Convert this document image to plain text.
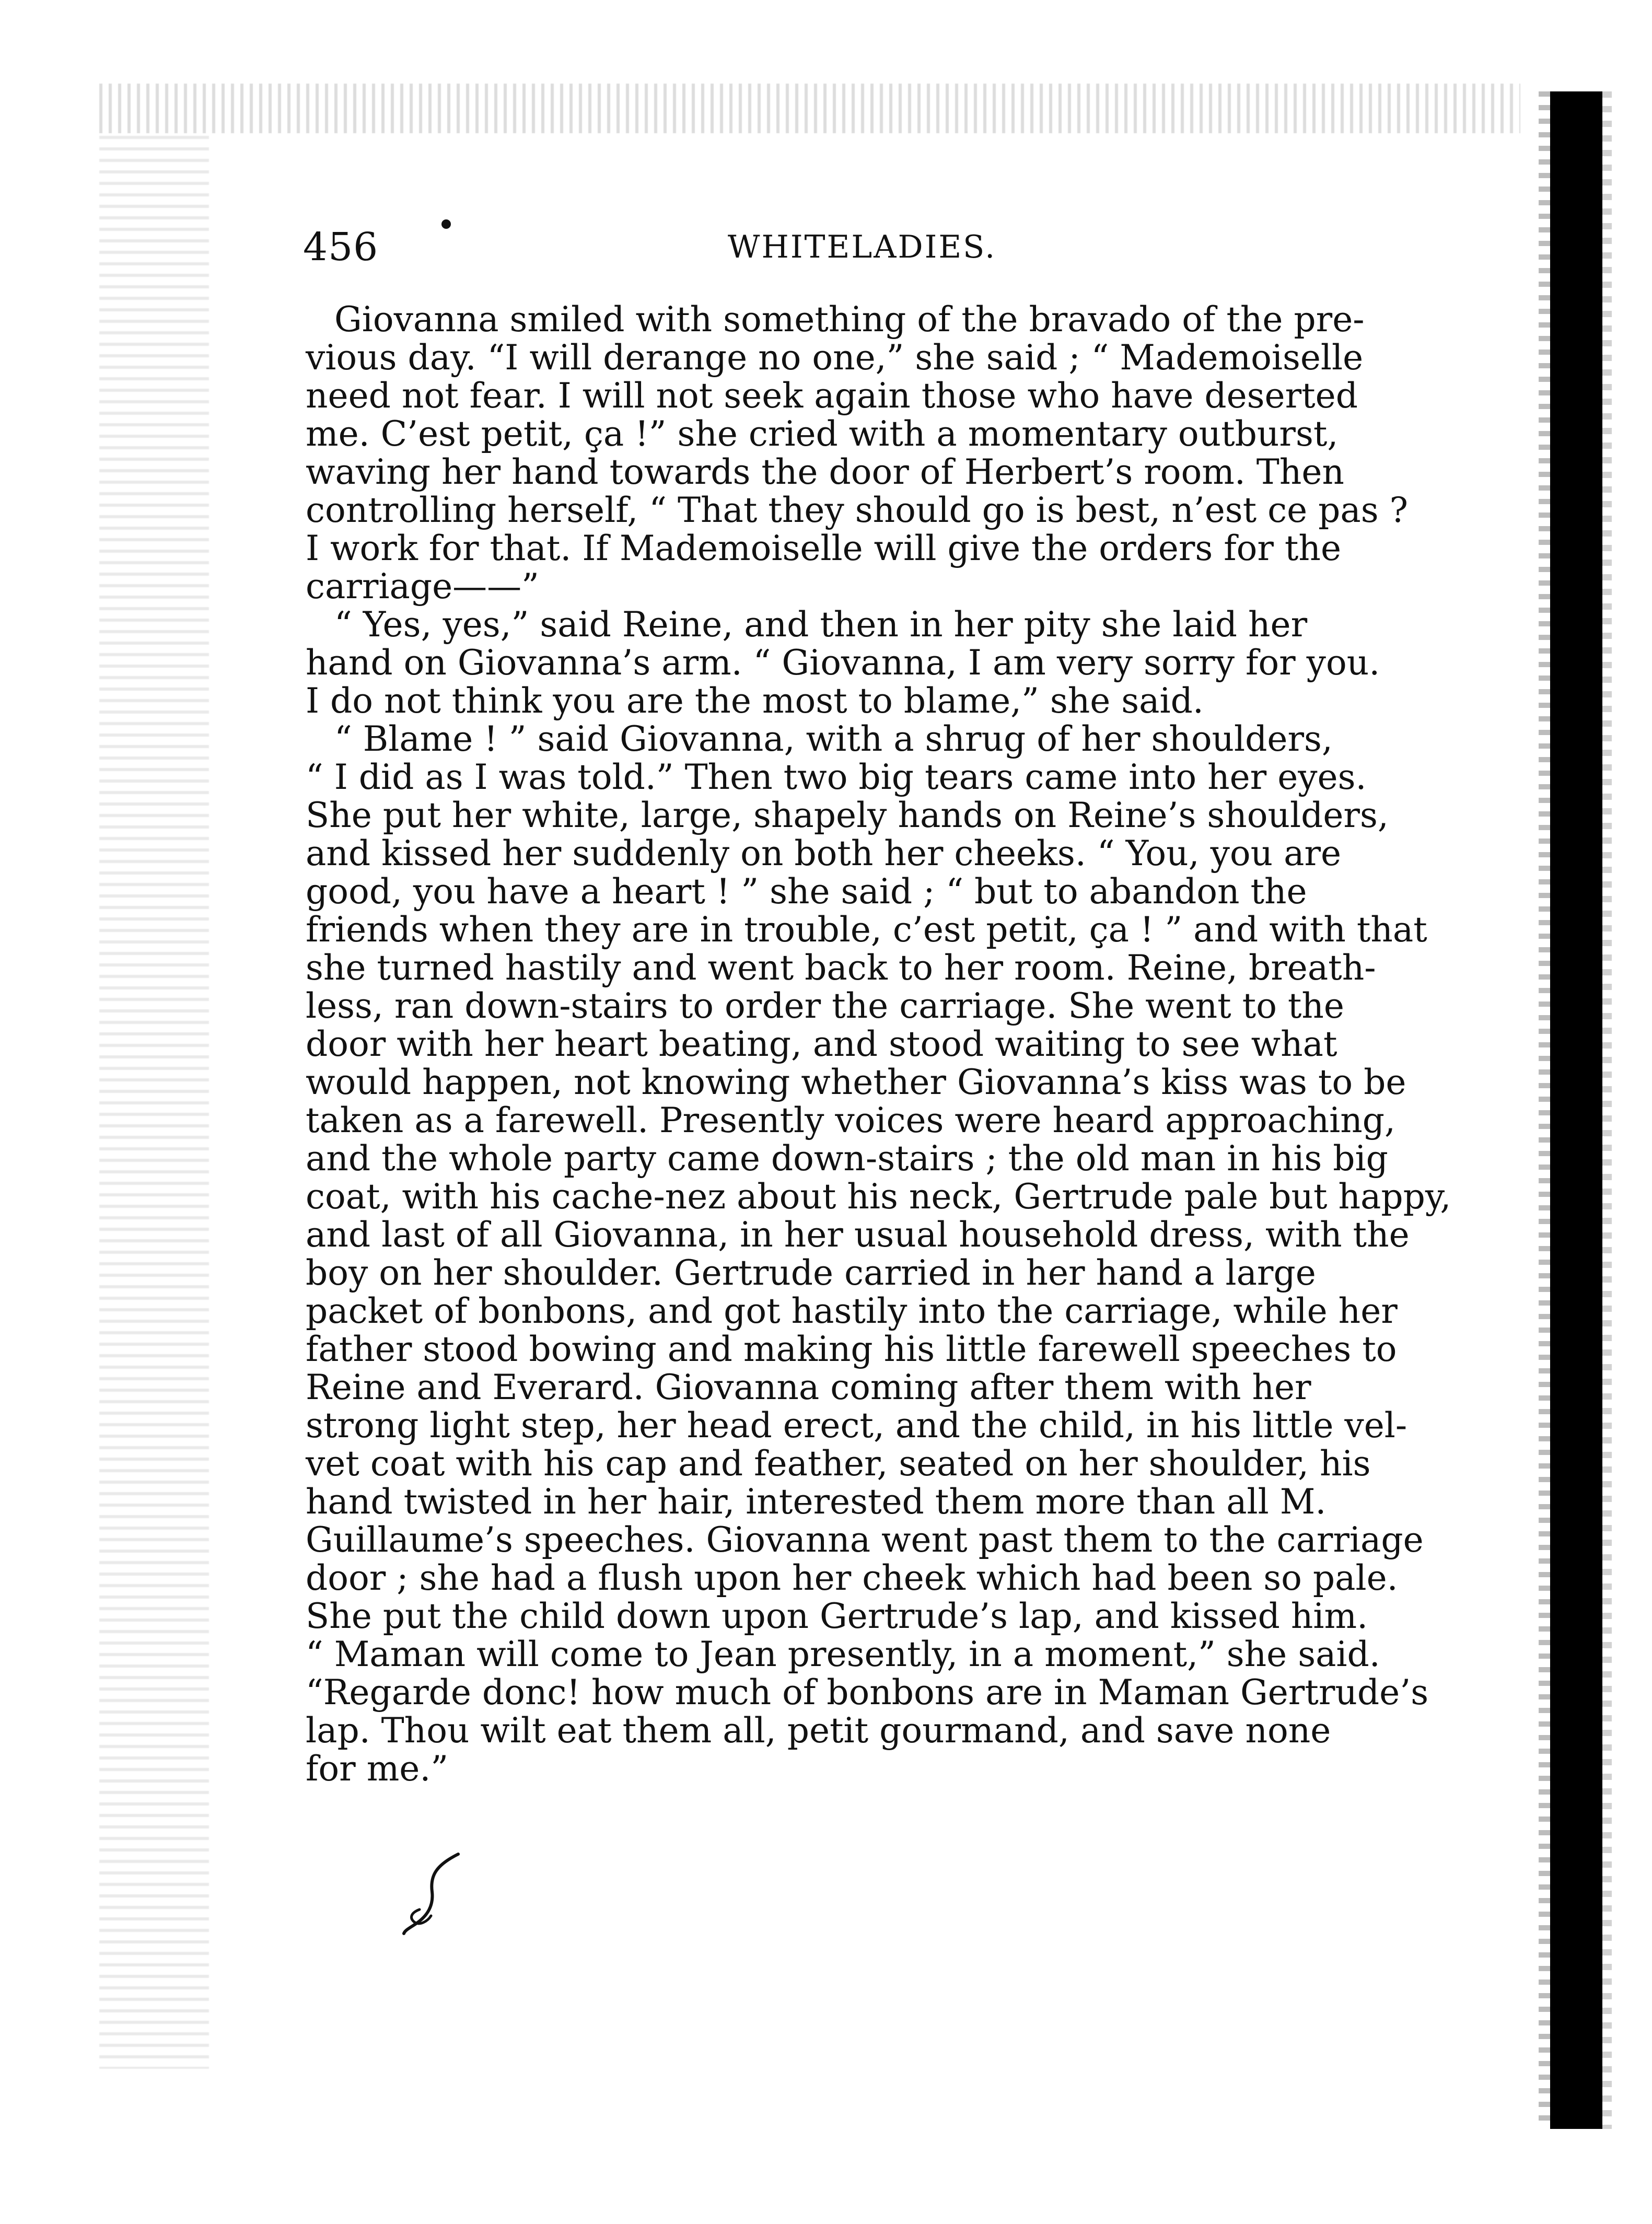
456	WHITELADIES.
Giovanna smiled with something of the bravado of the pre-
vious day. “I will derange no one,” she said ; “ Mademoiselle
need not fear. I will not seek again those who have deserted
me. C’est petit, ça !” she cried with a momentary outburst,
waving her hand towards the door of Herbert’s room. Then
controlling herself, “ That they should go is best, n’est ce pas ?
I work for that. If Mademoiselle will give the orders for the
carriage——”
“ Yes, yes,” said Reine, and then in her pity she laid her
hand on Giovanna’s arm. “ Giovanna, I am very sorry for you.
I do not think you are the most to blame,” she said.
“ Blame ! ” said Giovanna, with a shrug of her shoulders,
“ I did as I was told.” Then two big tears came into her eyes.
She put her white, large, shapely hands on Reine’s shoulders,
and kissed her suddenly on both her cheeks. “ You, you are
good, you have a heart ! ” she said ; “ but to abandon the
friends when they are in trouble, c’est petit, ça ! ” and with that
she turned hastily and went back to her room. Reine, breath-
less, ran down-stairs to order the carriage. She went to the
door with her heart beating, and stood waiting to see what
would happen, not knowing whether Giovanna’s kiss was to be
taken as a farewell. Presently voices were heard approaching,
and the whole party came down-stairs ; the old man in his big
coat, with his cache-nez about his neck, Gertrude pale but happy,
and last of all Giovanna, in her usual household dress, with the
boy on her shoulder. Gertrude carried in her hand a large
packet of bonbons, and got hastily into the carriage, while her
father stood bowing and making his little farewell speeches to
Reine and Everard. Giovanna coming after them with her
strong light step, her head erect, and the child, in his little vel-
vet coat with his cap and feather, seated on her shoulder, his
hand twisted in her hair, interested them more than all M.
Guillaume’s speeches. Giovanna went past them to the carriage
door ; she had a flush upon her cheek which had been so pale.
She put the child down upon Gertrude’s lap, and kissed him.
“ Maman will come to Jean presently, in a moment,” she said.
“Regarde donc! how much of bonbons are in Maman Gertrude’s
lap. Thou wilt eat them all, petit gourmand, and save none
for me.”
